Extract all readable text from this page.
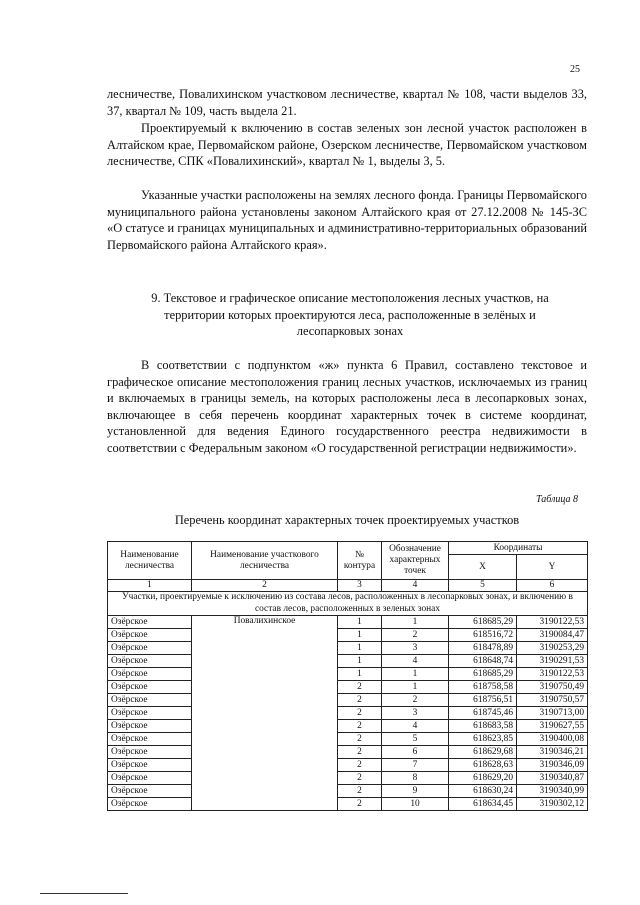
25

лесничестве, Повалихинском участковом лесничестве, квартал № 108, части выделов 33, 37, квартал № 109, часть выдела 21.

Проектируемый к включению в состав зеленых зон лесной участок расположен в Алтайском крае, Первомайском районе, Озерском лесничестве, Первомайском участковом лесничестве, СПК «Повалихинский», квартал № 1, выделы 3, 5.

Указанные участки расположены на землях лесного фонда. Границы Первомайского муниципального района установлены законом Алтайского края от 27.12.2008 № 145-ЗС «О статусе и границах муниципальных и административно-территориальных образований Первомайского района Алтайского края».

9. Текстовое и графическое описание местоположения лесных участков, на территории которых проектируются леса, расположенные в зелёных и лесопарковых зонах

В соответствии с подпунктом «ж» пункта 6 Правил, составлено текстовое и графическое описание местоположения границ лесных участков, исключаемых из границ и включаемых в границы земель, на которых расположены леса в лесопарковых зонах, включающее в себя перечень координат характерных точек в системе координат, установленной для ведения Единого государственного реестра недвижимости в соответствии с Федеральным законом «О государственной регистрации недвижимости».

Таблица 8
Перечень координат характерных точек проектируемых участков
Наименование лесничества	Наименование участкового лесничества	№ контура	Обозначение характерных точек	Координаты	
				X	Y
1	2	3	4	5	6
Участки, проектируемые к исключению из состава лесов, расположенных в лесопарковых зонах, и включению в состав лесов, расположенных в зеленых зонах					
Озёрское	Повалихинское	1	1	618685,29	3190122,53
Озёрское		1	2	618516,72	3190084,47
Озёрское		1	3	618478,89	3190253,29
Озёрское		1	4	618648,74	3190291,53
Озёрское		1	1	618685,29	3190122,53
Озёрское		2	1	618758,58	3190750,49
Озёрское		2	2	618756,51	3190750,57
Озёрское		2	3	618745,46	3190713,00
Озёрское		2	4	618683,58	3190627,55
Озёрское		2	5	618623,85	3190400,08
Озёрское		2	6	618629,68	3190346,21
Озёрское		2	7	618628,63	3190346,09
Озёрское		2	8	618629,20	3190340,87
Озёрское		2	9	618630,24	3190340,99
Озёрское		2	10	618634,45	3190302,12
